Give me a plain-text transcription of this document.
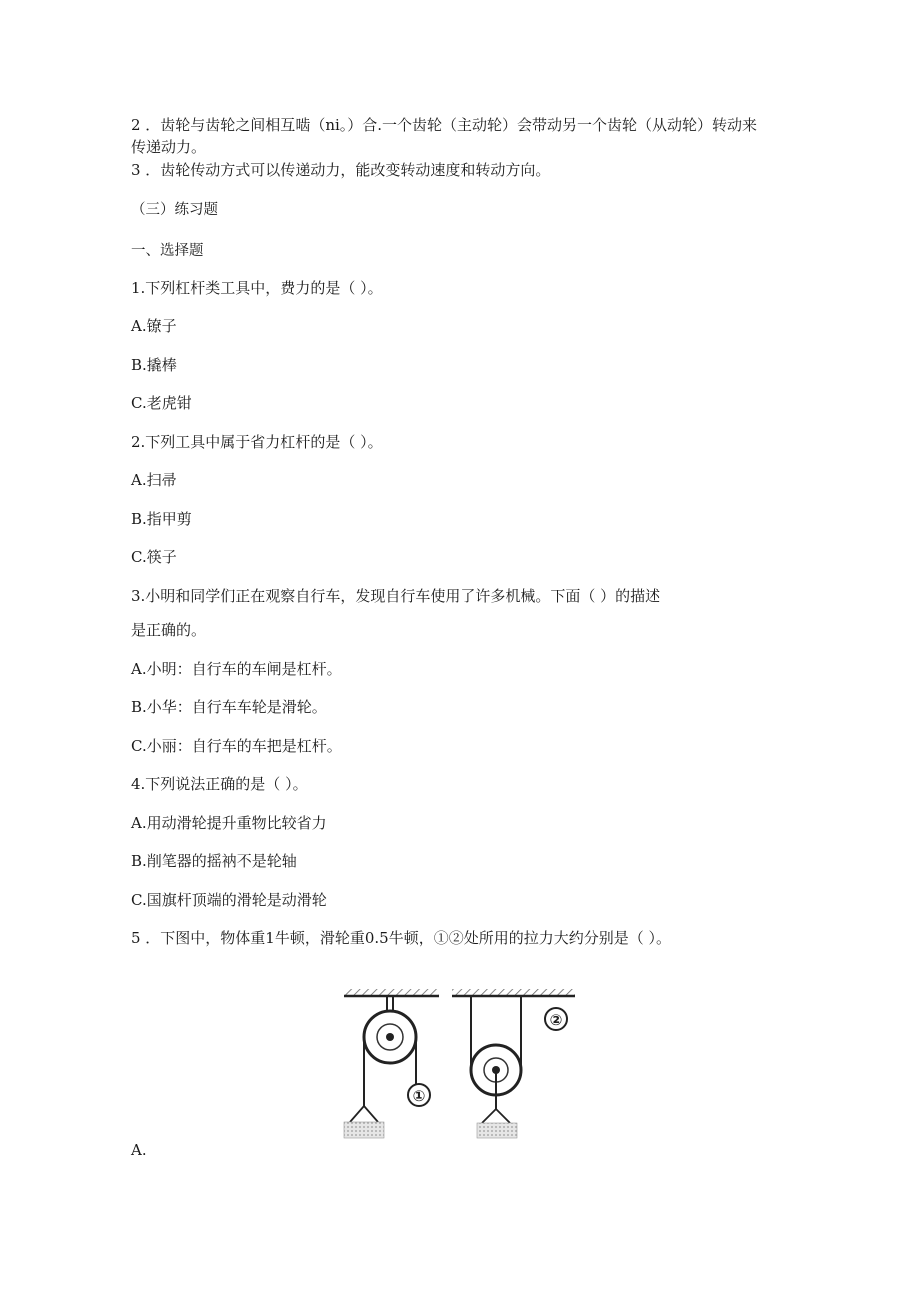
2 ．齿轮与齿轮之间相互啮（ni。）合.一个齿轮（主动轮）会带动另一个齿轮（从动轮）转动来
传递动力。
3 ．齿轮传动方式可以传递动力，能改变转动速度和转动方向。
（三）练习题
一、选择题
1.下列杠杆类工具中，费力的是（ ）。
A.镣子
B.撬棒
C.老虎钳
2.下列工具中属于省力杠杆的是（ ）。
A.扫帚
B.指甲剪
C.筷子
3.小明和同学们正在观察自行车，发现自行车使用了许多机械。下面（ ）的描述
是正确的。
A.小明：自行车的车闸是杠杆。
B.小华：自行车车轮是滑轮。
C.小丽：自行车的车把是杠杆。
4.下列说法正确的是（ ）。
A.用动滑轮提升重物比较省力
B.削笔器的摇衲不是轮轴
C.国旗杆顶端的滑轮是动滑轮
5 ．下图中，物体重1牛顿，滑轮重0.5牛顿，①②处所用的拉力大约分别是（ ）。
①
②
A.
